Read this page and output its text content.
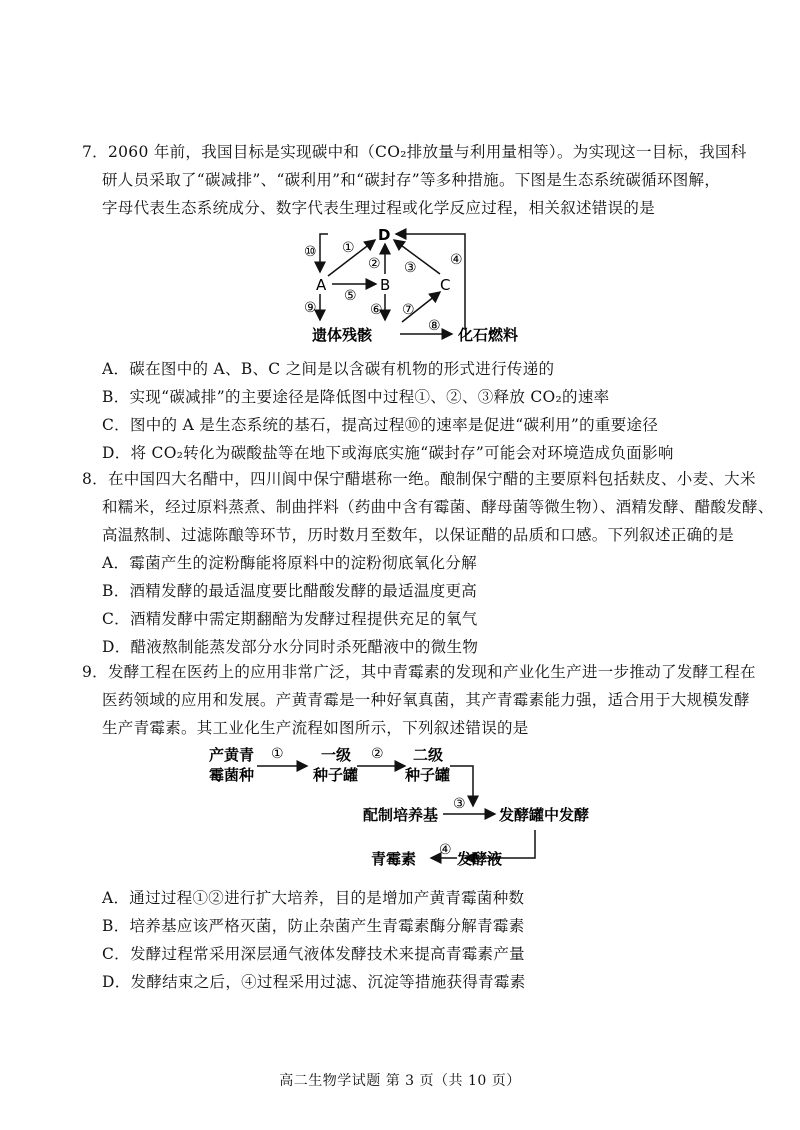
7．2060 年前，我国目标是实现碳中和（CO₂排放量与利用量相等）。为实现这一目标，我国科
研人员采取了“碳减排”、“碳利用”和“碳封存”等多种措施。下图是生态系统碳循环图解，
字母代表生态系统成分、数字代表生理过程或化学反应过程，相关叙述错误的是
D
A	B	C
遗体残骸	化石燃料
①
② ③ ④
⑤
⑥ ⑦
⑧
⑨
⑩
A．碳在图中的 A、B、C 之间是以含碳有机物的形式进行传递的
B．实现“碳减排”的主要途径是降低图中过程①、②、③释放 CO₂的速率
C．图中的 A 是生态系统的基石，提高过程⑩的速率是促进“碳利用”的重要途径
D．将 CO₂转化为碳酸盐等在地下或海底实施“碳封存”可能会对环境造成负面影响
8．在中国四大名醋中，四川阆中保宁醋堪称一绝。酿制保宁醋的主要原料包括麸皮、小麦、大米
和糯米，经过原料蒸煮、制曲拌料（药曲中含有霉菌、酵母菌等微生物）、酒精发酵、醋酸发酵、
高温熬制、过滤陈酿等环节，历时数月至数年，以保证醋的品质和口感。下列叙述正确的是
A．霉菌产生的淀粉酶能将原料中的淀粉彻底氧化分解
B．酒精发酵的最适温度要比醋酸发酵的最适温度更高
C．酒精发酵中需定期翻醅为发酵过程提供充足的氧气
D．醋液熬制能蒸发部分水分同时杀死醋液中的微生物
9．发酵工程在医药上的应用非常广泛，其中青霉素的发现和产业化生产进一步推动了发酵工程在
医药领域的应用和发展。产黄青霉是一种好氧真菌，其产青霉素能力强，适合用于大规模发酵
生产青霉素。其工业化生产流程如图所示，下列叙述错误的是
产黄青
霉菌种
一级
种子罐
二级
种子罐
配制培养基	发酵罐中发酵
发酵液
青霉素
①	②
③
④
A．通过过程①②进行扩大培养，目的是增加产黄青霉菌种数
B．培养基应该严格灭菌，防止杂菌产生青霉素酶分解青霉素
C．发酵过程常采用深层通气液体发酵技术来提高青霉素产量
D．发酵结束之后，④过程采用过滤、沉淀等措施获得青霉素
高二生物学试题 第 3 页（共 10 页）
